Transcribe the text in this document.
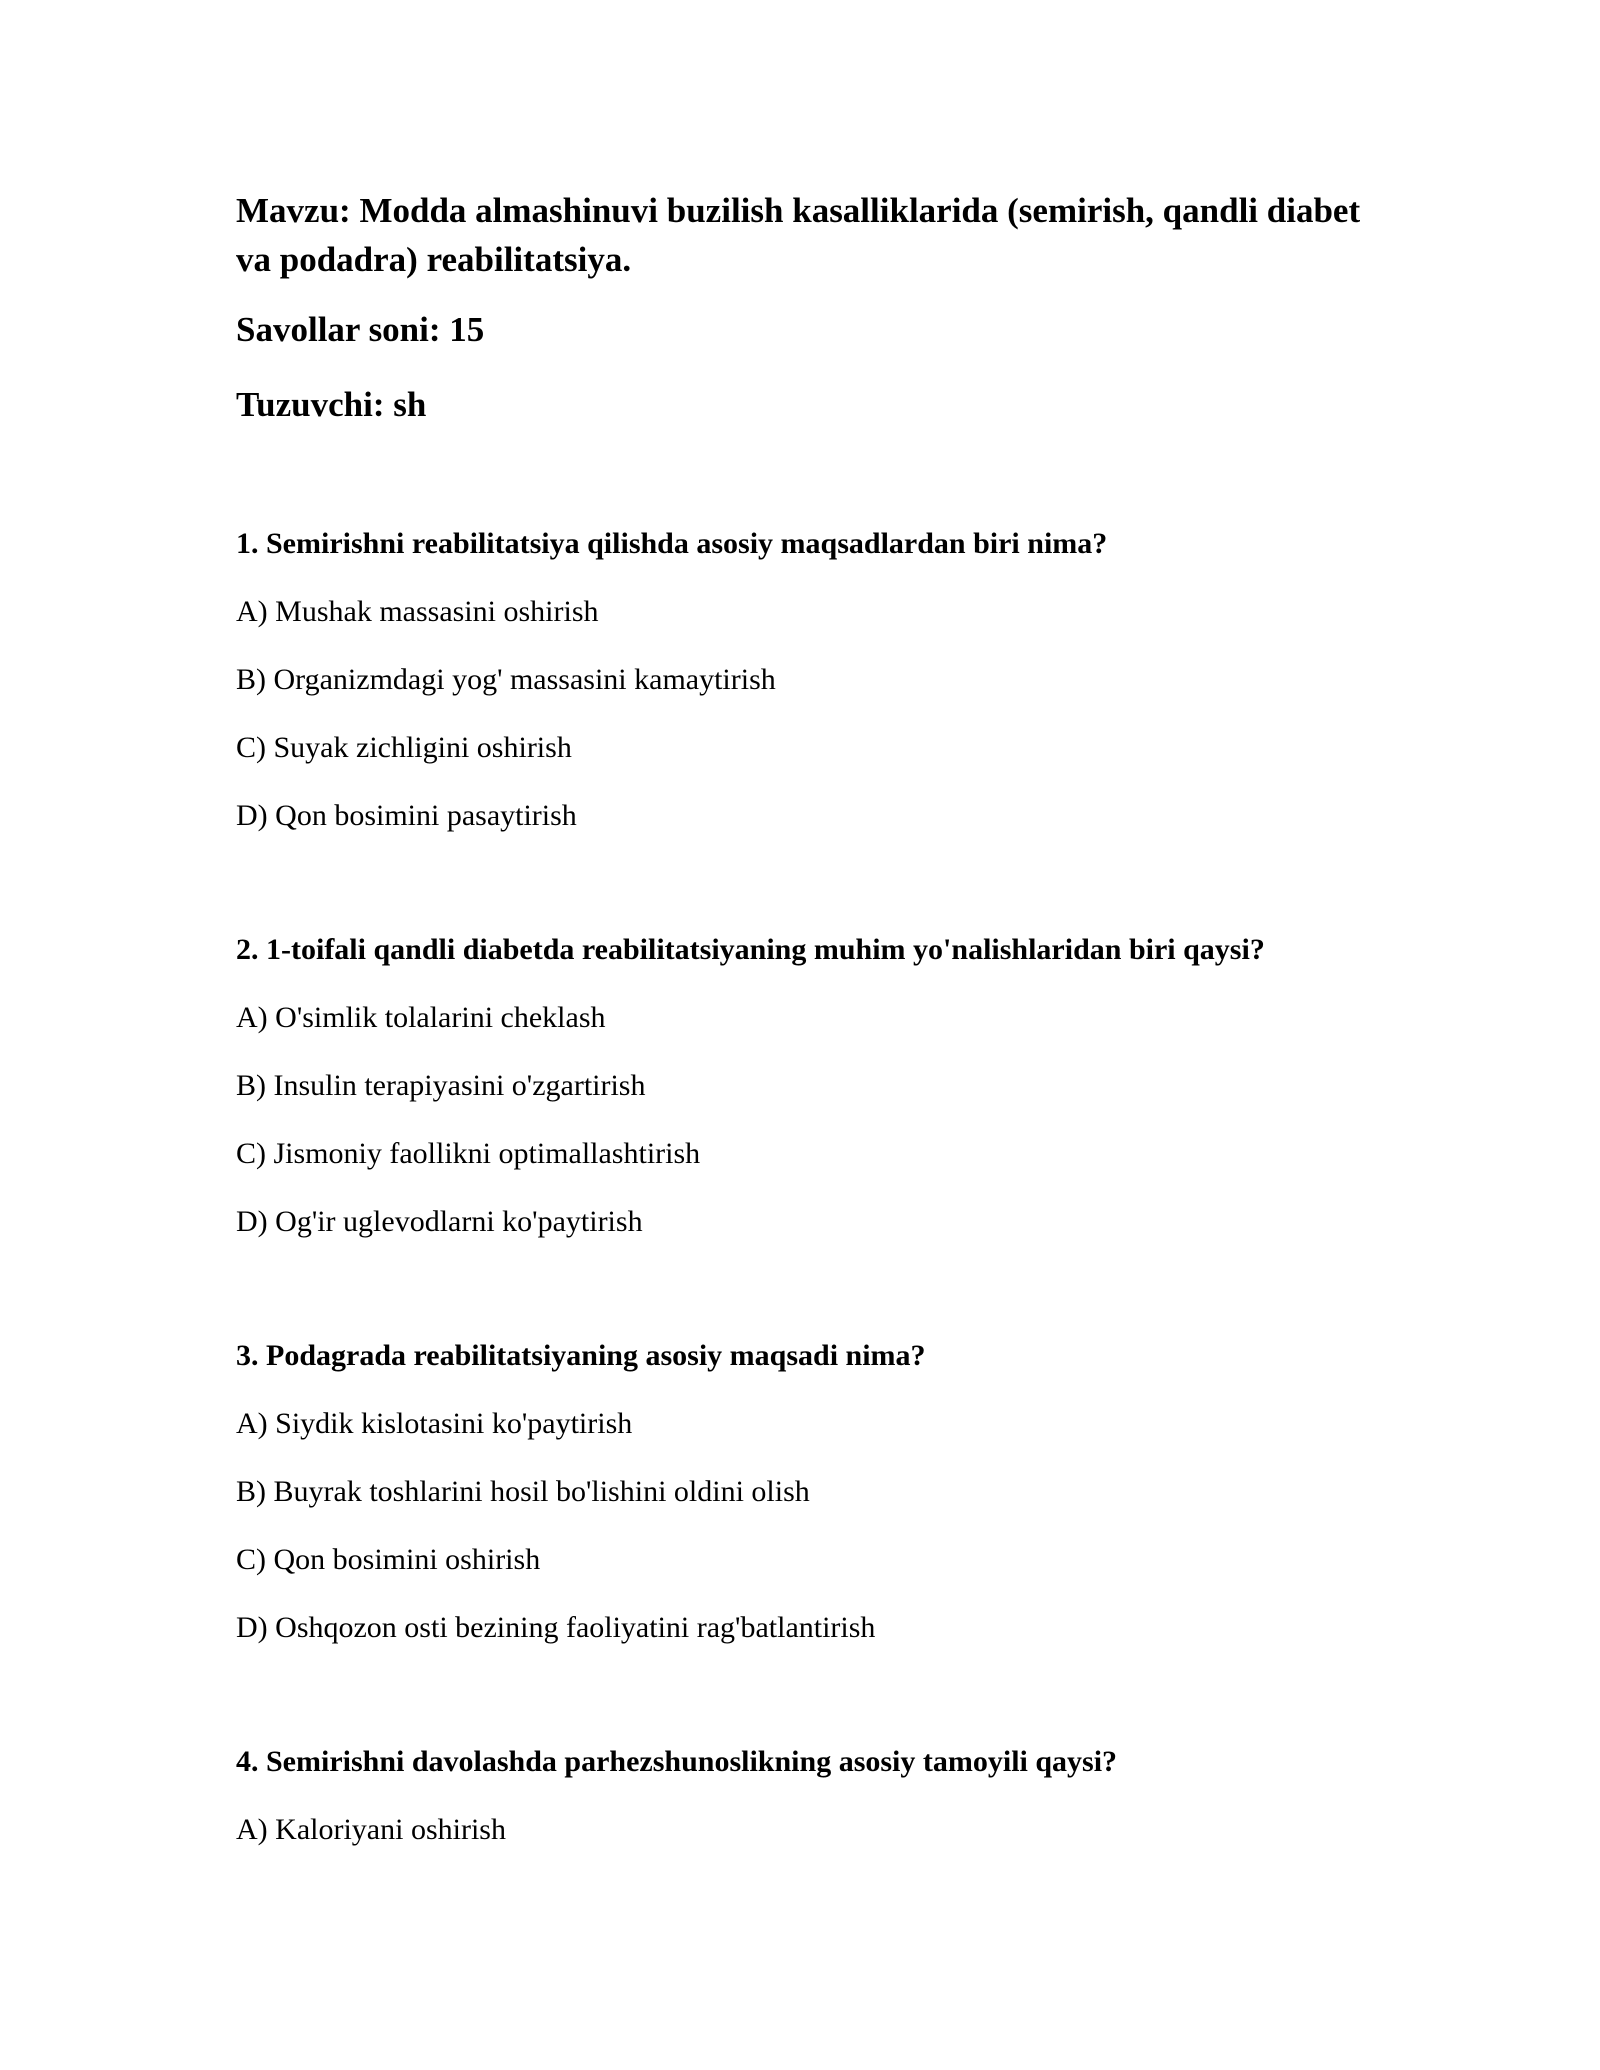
Mavzu: Modda almashinuvi buzilish kasalliklarida (semirish, qandli diabet va podadra) reabilitatsiya.

Savollar soni: 15

Tuzuvchi: sh

1. Semirishni reabilitatsiya qilishda asosiy maqsadlardan biri nima?

A) Mushak massasini oshirish
B) Organizmdagi yog' massasini kamaytirish
C) Suyak zichligini oshirish
D) Qon bosimini pasaytirish

2. 1-toifali qandli diabetda reabilitatsiyaning muhim yo'nalishlaridan biri qaysi?

A) O'simlik tolalarini cheklash
B) Insulin terapiyasini o'zgartirish
C) Jismoniy faollikni optimallashtirish
D) Og'ir uglevodlarni ko'paytirish

3. Podagrada reabilitatsiyaning asosiy maqsadi nima?

A) Siydik kislotasini ko'paytirish
B) Buyrak toshlarini hosil bo'lishini oldini olish
C) Qon bosimini oshirish
D) Oshqozon osti bezining faoliyatini rag'batlantirish

4. Semirishni davolashda parhezshunoslikning asosiy tamoyili qaysi?

A) Kaloriyani oshirish
